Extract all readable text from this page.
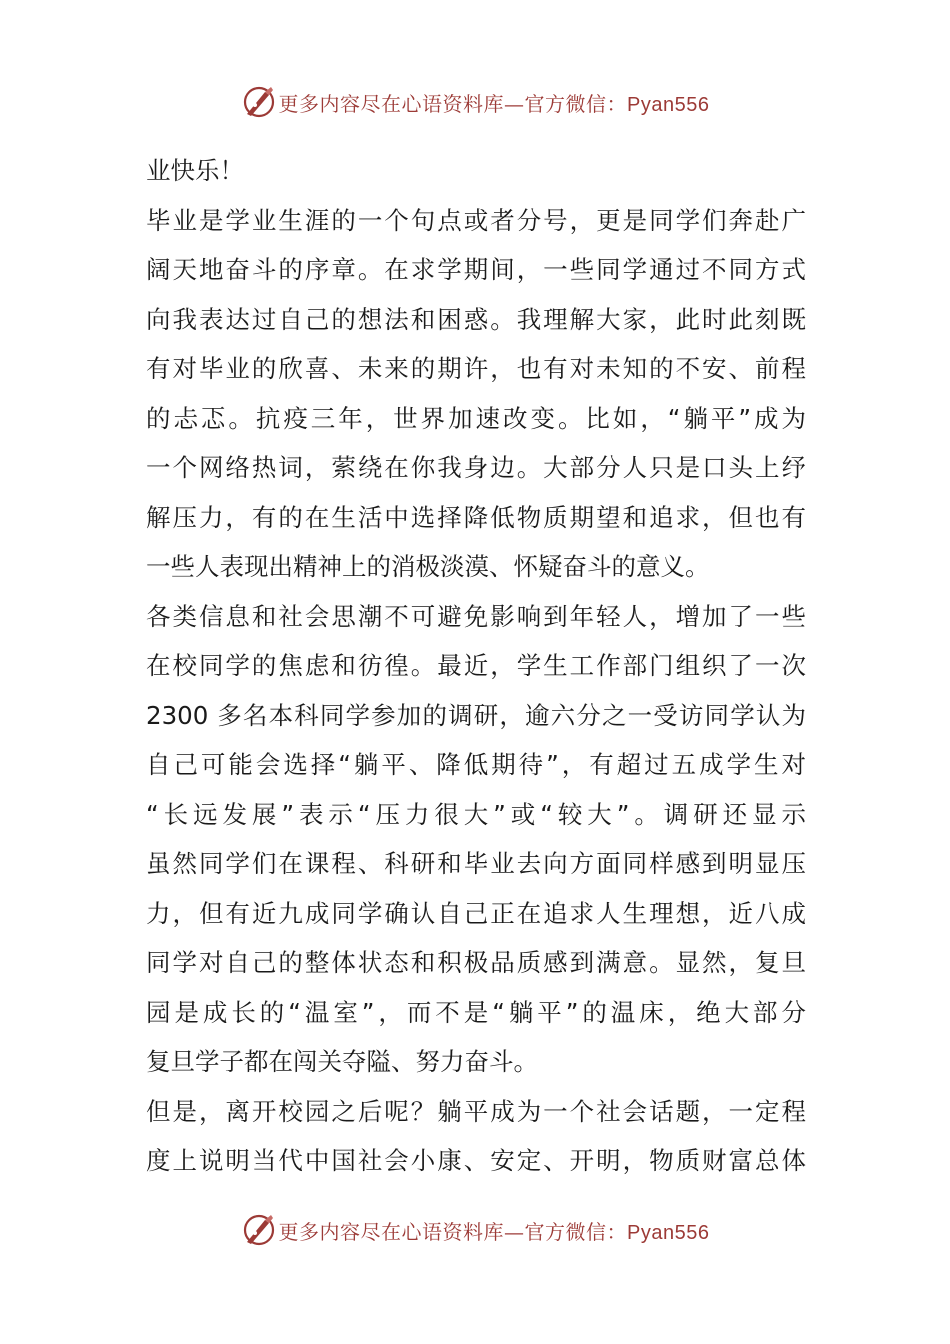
更多内容尽在心语资料库—官方微信：Pyan556
业快乐！
毕业是学业生涯的一个句点或者分号，更是同学们奔赴广
阔天地奋斗的序章。在求学期间，一些同学通过不同方式
向我表达过自己的想法和困惑。我理解大家，此时此刻既
有对毕业的欣喜、未来的期许，也有对未知的不安、前程
的忐忑。抗疫三年，世界加速改变。比如，“躺平”成为
一个网络热词，萦绕在你我身边。大部分人只是口头上纾
解压力，有的在生活中选择降低物质期望和追求，但也有
一些人表现出精神上的消极淡漠、怀疑奋斗的意义。
各类信息和社会思潮不可避免影响到年轻人，增加了一些
在校同学的焦虑和彷徨。最近，学生工作部门组织了一次
2300 多名本科同学参加的调研，逾六分之一受访同学认为
自己可能会选择“躺平、降低期待”，有超过五成学生对
“长远发展”表示“压力很大”或“较大”。调研还显示
虽然同学们在课程、科研和毕业去向方面同样感到明显压
力，但有近九成同学确认自己正在追求人生理想，近八成
同学对自己的整体状态和积极品质感到满意。显然，复旦
园是成长的“温室”，而不是“躺平”的温床，绝大部分
复旦学子都在闯关夺隘、努力奋斗。
但是，离开校园之后呢？躺平成为一个社会话题，一定程
度上说明当代中国社会小康、安定、开明，物质财富总体
更多内容尽在心语资料库—官方微信：Pyan556
